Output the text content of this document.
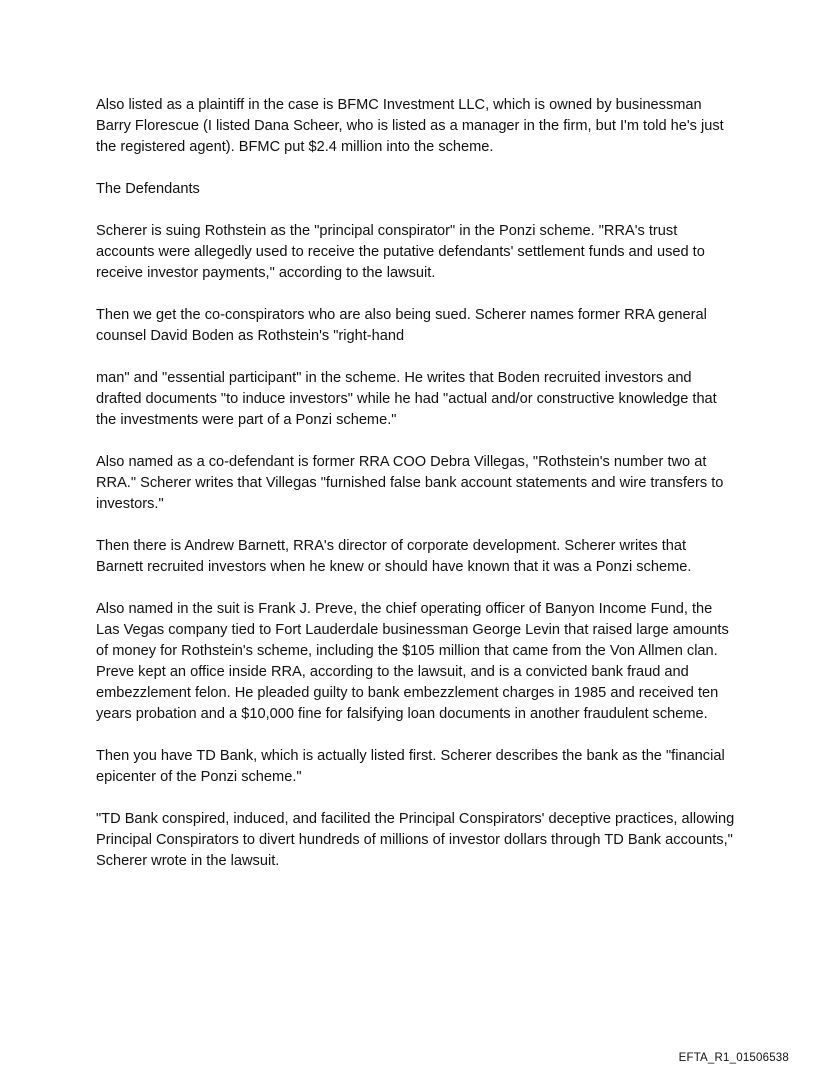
Also listed as a plaintiff in the case is BFMC Investment LLC, which is owned by businessman Barry Florescue (I listed Dana Scheer, who is listed as a manager in the firm, but I'm told he's just the registered agent). BFMC put $2.4 million into the scheme.

The Defendants

Scherer is suing Rothstein as the "principal conspirator" in the Ponzi scheme. "RRA's trust accounts were allegedly used to receive the putative defendants' settlement funds and used to receive investor payments," according to the lawsuit.

Then we get the co-conspirators who are also being sued. Scherer names former RRA general counsel David Boden as Rothstein's "right-hand

man" and "essential participant" in the scheme. He writes that Boden recruited investors and drafted documents "to induce investors" while he had "actual and/or constructive knowledge that the investments were part of a Ponzi scheme."

Also named as a co-defendant is former RRA COO Debra Villegas, "Rothstein's number two at RRA." Scherer writes that Villegas "furnished false bank account statements and wire transfers to investors."

Then there is Andrew Barnett, RRA's director of corporate development. Scherer writes that Barnett recruited investors when he knew or should have known that it was a Ponzi scheme.

Also named in the suit is Frank J. Preve, the chief operating officer of Banyon Income Fund, the Las Vegas company tied to Fort Lauderdale businessman George Levin that raised large amounts of money for Rothstein's scheme, including the $105 million that came from the Von Allmen clan. Preve kept an office inside RRA, according to the lawsuit, and is a convicted bank fraud and embezzlement felon. He pleaded guilty to bank embezzlement charges in 1985 and received ten years probation and a $10,000 fine for falsifying loan documents in another fraudulent scheme.

Then you have TD Bank, which is actually listed first. Scherer describes the bank as the "financial epicenter of the Ponzi scheme."

"TD Bank conspired, induced, and facilited the Principal Conspirators' deceptive practices, allowing Principal Conspirators to divert hundreds of millions of investor dollars through TD Bank accounts," Scherer wrote in the lawsuit.

EFTA_R1_01506538
